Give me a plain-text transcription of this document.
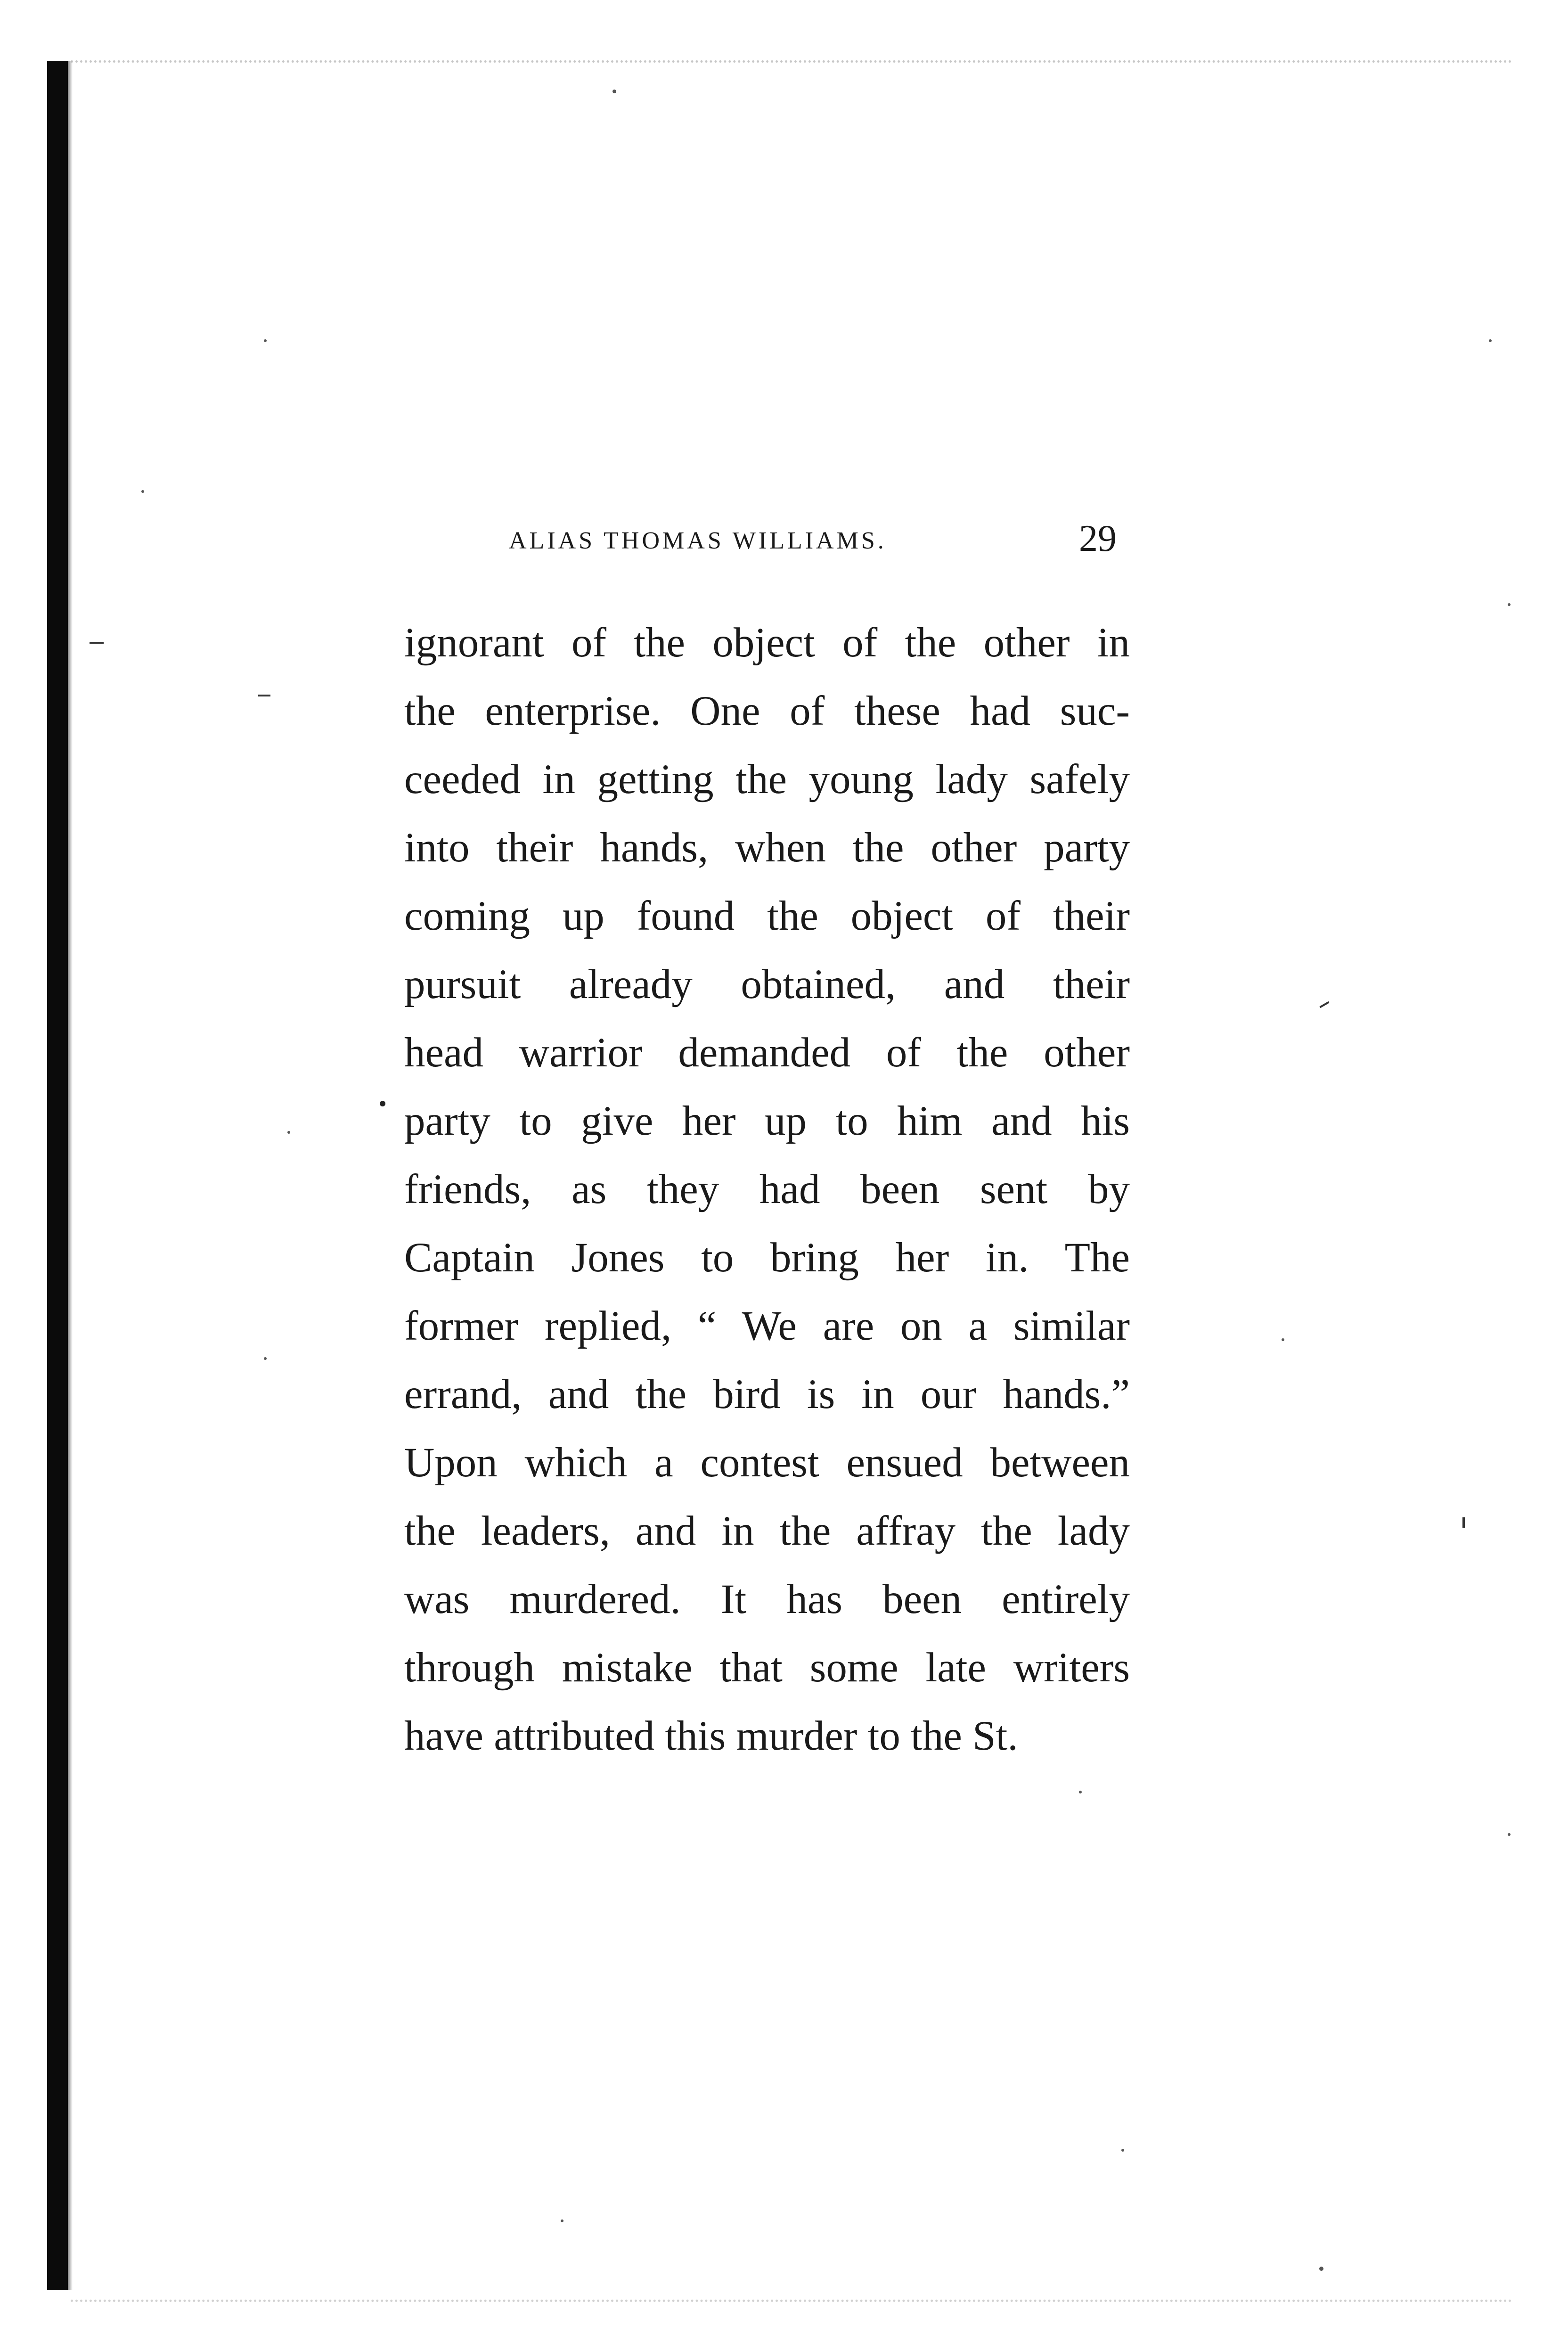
ALIAS THOMAS WILLIAMS.	29
ignorant of the object of the other in
the enterprise. One of these had suc-
ceeded in getting the young lady safely
into their hands, when the other party
coming up found the object of their
pursuit already obtained, and their
head warrior demanded of the other
party to give her up to him and his
friends, as they had been sent by
Captain Jones to bring her in. The
former replied, “ We are on a similar
errand, and the bird is in our hands.”
Upon which a contest ensued between
the leaders, and in the affray the lady
was murdered. It has been entirely
through mistake that some late writers
have attributed this murder to the St.
